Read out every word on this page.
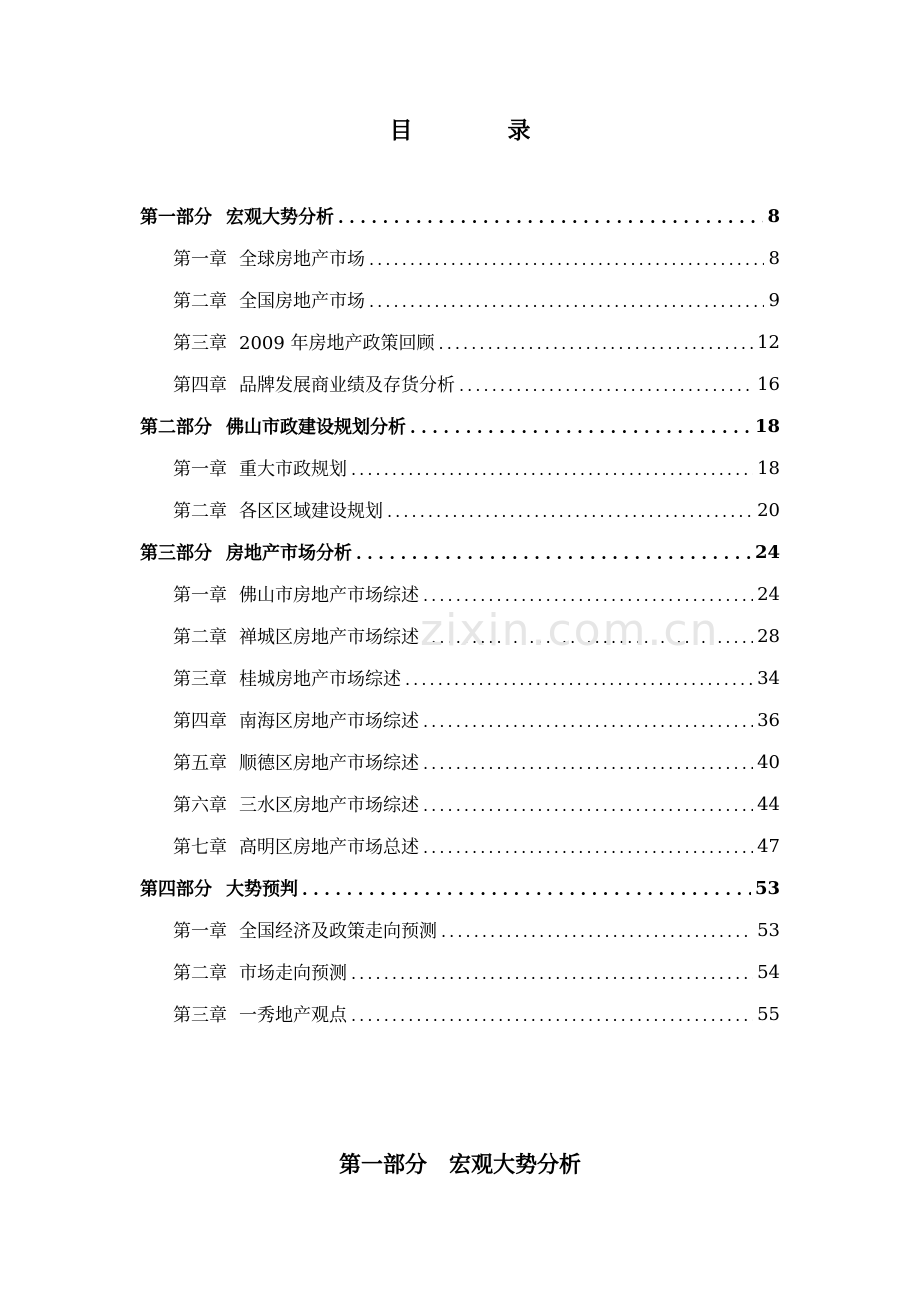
目　录
第一部分 宏观大势分析 . . .	8
第一章 全球房地产市场 . . .	8
第二章 全国房地产市场 . . .	9
第三章 2009 年房地产政策回顾 . . .	12
第四章 品牌发展商业绩及存货分析 . . .	16
第二部分 佛山市政建设规划分析 . . .	18
第一章 重大市政规划 . . .	18
第二章 各区区域建设规划 . . .	20
第三部分 房地产市场分析 . . .	24
第一章 佛山市房地产市场综述 . . .	24
第二章 禅城区房地产市场综述 . . .	28
第三章 桂城房地产市场综述 . . .	34
第四章 南海区房地产市场综述 . . .	36
第五章 顺德区房地产市场综述 . . .	40
第六章 三水区房地产市场综述 . . .	44
第七章 高明区房地产市场总述 . . .	47
第四部分 大势预判 . . .	53
第一章 全国经济及政策走向预测 . . .	53
第二章 市场走向预测 . . .	54
第三章 一秀地产观点 . . .	55
zixin.com.cn
第一部分　宏观大势分析
